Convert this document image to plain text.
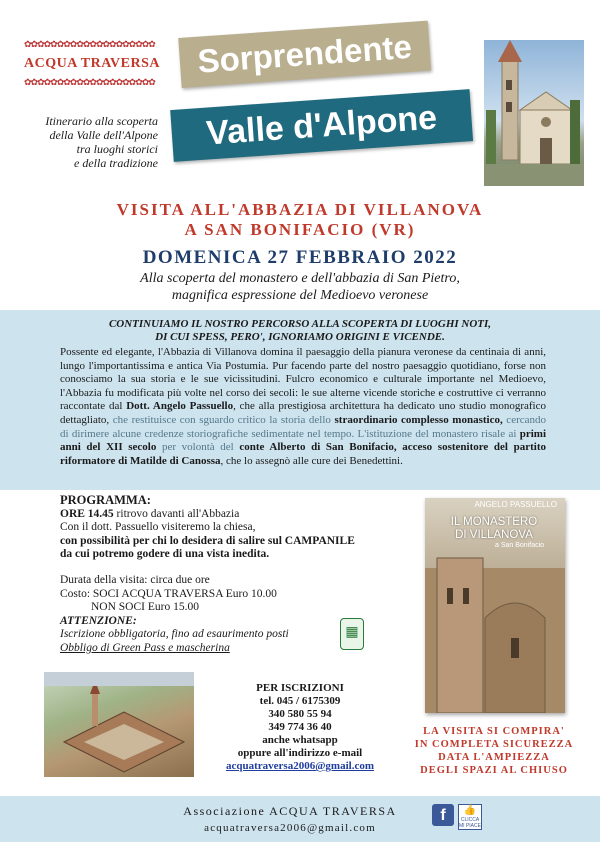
✿✿✿✿✿✿✿✿✿✿✿✿✿✿✿✿✿✿✿✿
ACQUA TRAVERSA
✿✿✿✿✿✿✿✿✿✿✿✿✿✿✿✿✿✿✿✿
Itinerario alla scoperta
della Valle dell'Alpone
tra luoghi storici
e della tradizione
Sorprendente
Valle d'Alpone
VISITA ALL'ABBAZIA DI VILLANOVA
A SAN BONIFACIO (VR)
DOMENICA 27 FEBBRAIO 2022
Alla scoperta del monastero e dell'abbazia di San Pietro,
magnifica espressione del Medioevo veronese
CONTINUIAMO IL NOSTRO PERCORSO ALLA SCOPERTA DI LUOGHI NOTI,
DI CUI SPESS, PERO', IGNORIAMO ORIGINI E VICENDE.
Possente ed elegante, l'Abbazia di Villanova domina il paesaggio della pianura veronese da centinaia di anni, lungo l'importantissima e antica Via Postumia. Pur facendo parte del nostro paesaggio quotidiano, forse non conosciamo la sua storia e le sue vicissitudini. Fulcro economico e culturale importante nel Medioevo, l'Abbazia fu modificata più volte nel corso dei secoli: le sue alterne vicende storiche e costruttive ci verranno raccontate dal Dott. Angelo Passuello, che alla prestigiosa architettura ha dedicato uno studio monografico dettagliato, che restituisce con sguardo critico la storia dello straordinario complesso monastico, cercando di dirimere alcune credenze storiografiche sedimentate nel tempo. L'istituzione del monastero risale ai primi anni del XII secolo per volontà del conte Alberto di San Bonifacio, acceso sostenitore del partito riformatore di Matilde di Canossa, che lo assegnò alle cure dei Benedettini.
PROGRAMMA:
ORE 14.45 ritrovo davanti all'Abbazia
Con il dott. Passuello visiteremo la chiesa,
con possibilità per chi lo desidera di salire sul CAMPANILE
da cui potremo godere di una vista inedita.
Durata della visita: circa due ore
Costo: SOCI ACQUA TRAVERSA Euro 10.00
NON SOCI Euro 15.00
ATTENZIONE:
Iscrizione obbligatoria, fino ad esaurimento posti
Obbligo di Green Pass e mascherina
▦
PER ISCRIZIONI
tel. 045 / 6175309
340 580 55 94
349 774 36 40
anche whatsapp
oppure all'indirizzo e-mail
acquatraversa2006@gmail.com
ANGELO PASSUELLO
IL MONASTERO
DI VILLANOVA
a San Bonifacio
LA VISITA SI COMPIRA'
IN COMPLETA SICUREZZA
DATA L'AMPIEZZA
DEGLI SPAZI AL CHIUSO
Associazione ACQUA TRAVERSA
acquatraversa2006@gmail.com
f	👍
CLICCA MI PIACE
